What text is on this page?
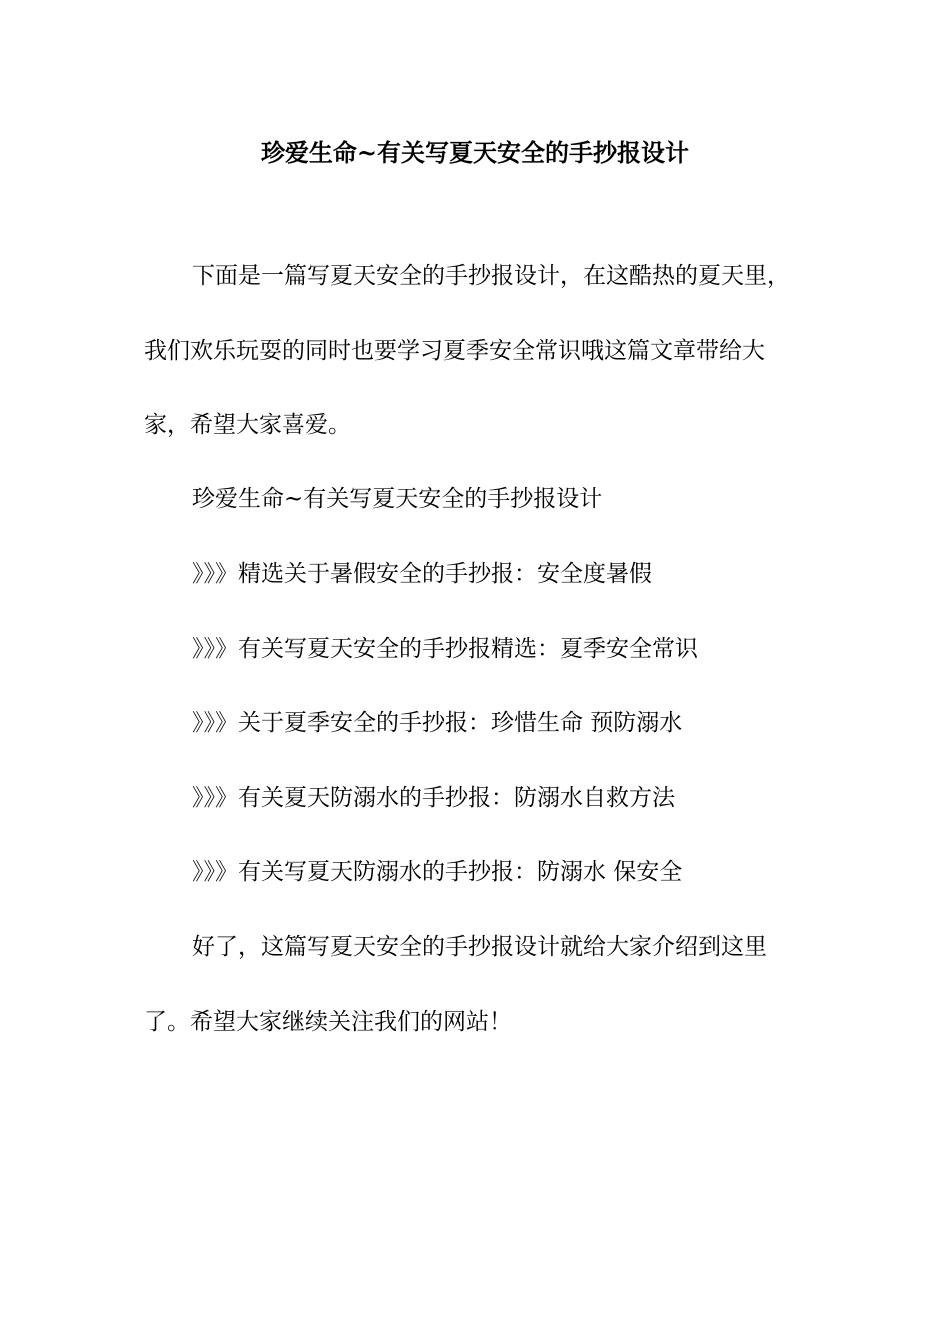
珍爱生命~有关写夏天安全的手抄报设计

下面是一篇写夏天安全的手抄报设计，在这酷热的夏天里，

我们欢乐玩耍的同时也要学习夏季安全常识哦这篇文章带给大

家，希望大家喜爱。

珍爱生命~有关写夏天安全的手抄报设计

》》》精选关于暑假安全的手抄报：安全度暑假
》》》有关写夏天安全的手抄报精选：夏季安全常识
》》》关于夏季安全的手抄报：珍惜生命 预防溺水
》》》有关夏天防溺水的手抄报：防溺水自救方法
》》》有关写夏天防溺水的手抄报：防溺水 保安全

好了，这篇写夏天安全的手抄报设计就给大家介绍到这里

了。希望大家继续关注我们的网站！
